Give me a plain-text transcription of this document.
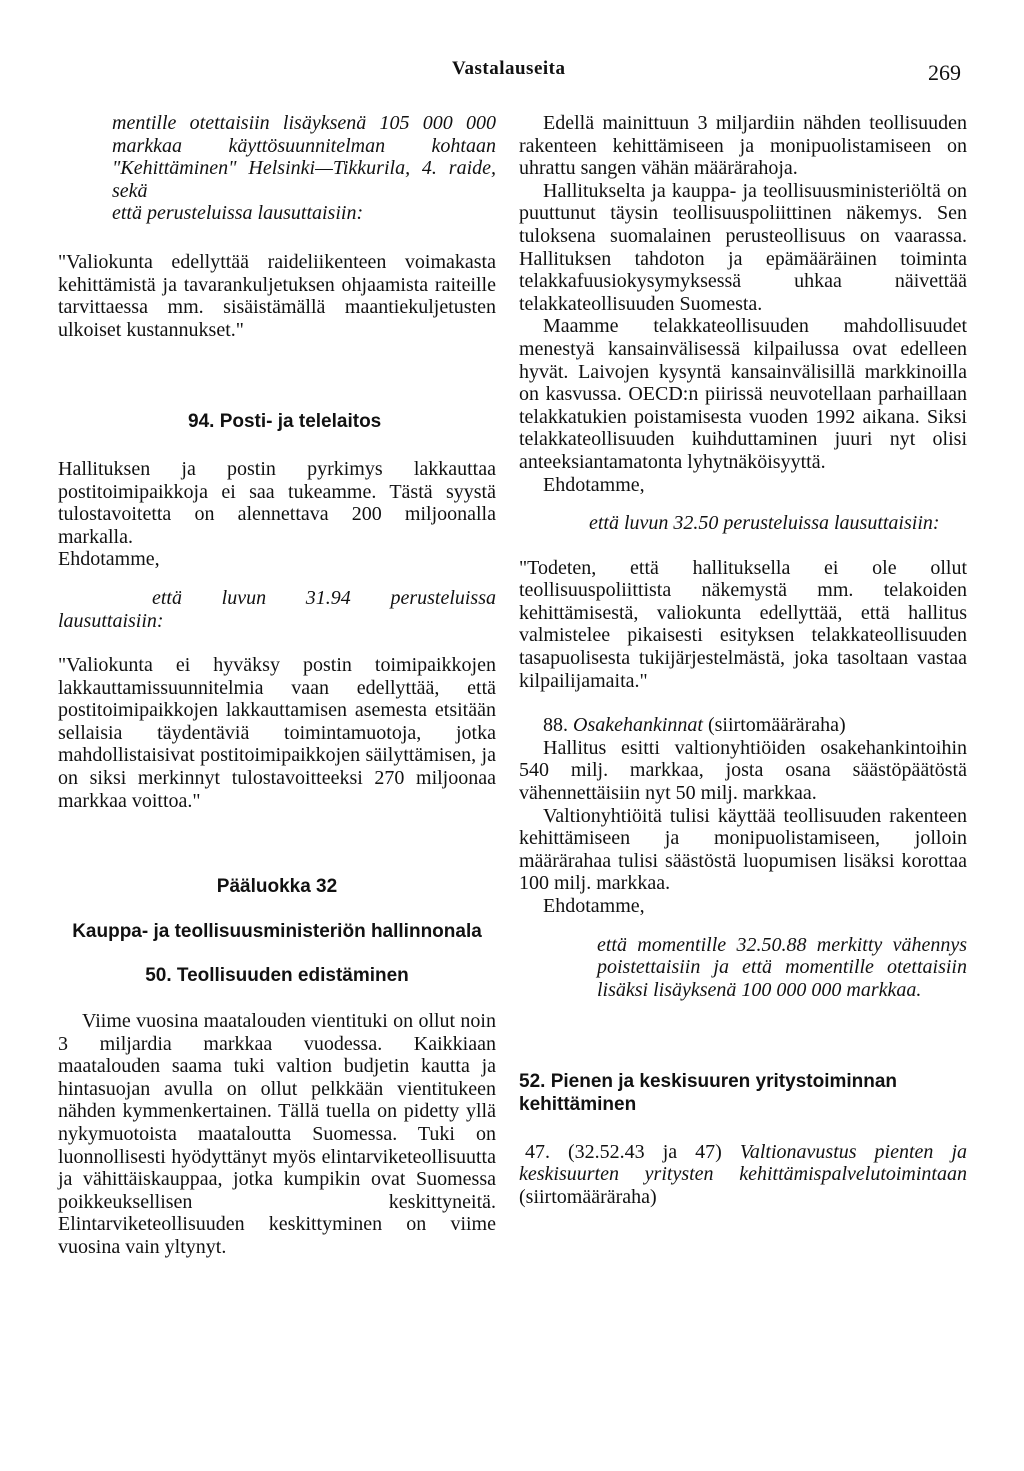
Vastalauseita	269

mentille otettaisiin lisäyksenä 105 000 000 markkaa käyttösuunnitelman kohtaan "Kehittäminen" Helsinki—Tikkurila, 4. raide, sekä

että perusteluissa lausuttaisiin:

"Valiokunta edellyttää raideliikenteen voimakasta kehittämistä ja tavarankuljetuksen ohjaamista raiteille tarvittaessa mm. sisäistämällä maantiekuljetusten ulkoiset kustannukset."

94. Posti- ja telelaitos

Hallituksen ja postin pyrkimys lakkauttaa postitoimipaikkoja ei saa tukeamme. Tästä syystä tulostavoitetta on alennettava 200 miljoonalla markalla.

Ehdotamme,

että luvun 31.94 perusteluissa lausuttaisiin:

"Valiokunta ei hyväksy postin toimipaikkojen lakkauttamissuunnitelmia vaan edellyttää, että postitoimipaikkojen lakkauttamisen asemesta etsitään sellaisia täydentäviä toimintamuotoja, jotka mahdollistaisivat postitoimipaikkojen säilyttämisen, ja on siksi merkinnyt tulostavoitteeksi 270 miljoonaa markkaa voittoa."

Pääluokka 32

Kauppa- ja teollisuusministeriön hallinnonala

50. Teollisuuden edistäminen

Viime vuosina maatalouden vientituki on ollut noin 3 miljardia markkaa vuodessa. Kaikkiaan maatalouden saama tuki valtion budjetin kautta ja hintasuojan avulla on ollut pelkkään vientitukeen nähden kymmenkertainen. Tällä tuella on pidetty yllä nykymuotoista maataloutta Suomessa. Tuki on luonnollisesti hyödyttänyt myös elintarviketeollisuutta ja vähittäiskauppaa, jotka kumpikin ovat Suomessa poikkeuksellisen keskittyneitä. Elintarviketeollisuuden keskittyminen on viime vuosina vain yltynyt.

Edellä mainittuun 3 miljardiin nähden teollisuuden rakenteen kehittämiseen ja monipuolistamiseen on uhrattu sangen vähän määrärahoja.

Hallitukselta ja kauppa- ja teollisuusministeriöltä on puuttunut täysin teollisuuspoliittinen näkemys. Sen tuloksena suomalainen perusteollisuus on vaarassa. Hallituksen tahdoton ja epämääräinen toiminta telakkafuusiokysymyksessä uhkaa näivettää telakkateollisuuden Suomesta.

Maamme telakkateollisuuden mahdollisuudet menestyä kansainvälisessä kilpailussa ovat edelleen hyvät. Laivojen kysyntä kansainvälisillä markkinoilla on kasvussa. OECD:n piirissä neuvotellaan parhaillaan telakkatukien poistamisesta vuoden 1992 aikana. Siksi telakkateollisuuden kuihduttaminen juuri nyt olisi anteeksiantamatonta lyhytnäköisyyttä.

Ehdotamme,

että luvun 32.50 perusteluissa lausuttaisiin:

"Todeten, että hallituksella ei ole ollut teollisuuspoliittista näkemystä mm. telakoiden kehittämisestä, valiokunta edellyttää, että hallitus valmistelee pikaisesti esityksen telakkateollisuuden tasapuolisesta tukijärjestelmästä, joka tasoltaan vastaa kilpailijamaita."

88. Osakehankinnat (siirtomääräraha)

Hallitus esitti valtionyhtiöiden osakehankintoihin 540 milj. markkaa, josta osana säästöpäätöstä vähennettäisiin nyt 50 milj. markkaa.

Valtionyhtiöitä tulisi käyttää teollisuuden rakenteen kehittämiseen ja monipuolistamiseen, jolloin määrärahaa tulisi säästöstä luopumisen lisäksi korottaa 100 milj. markkaa.

Ehdotamme,

että momentille 32.50.88 merkitty vähennys poistettaisiin ja että momentille otettaisiin lisäksi lisäyksenä 100 000 000 markkaa.

52. Pienen ja keskisuuren yritystoiminnan kehittäminen

47. (32.52.43 ja 47) Valtionavustus pienten ja keskisuurten yritysten kehittämispalvelutoimintaan (siirtomääräraha)
